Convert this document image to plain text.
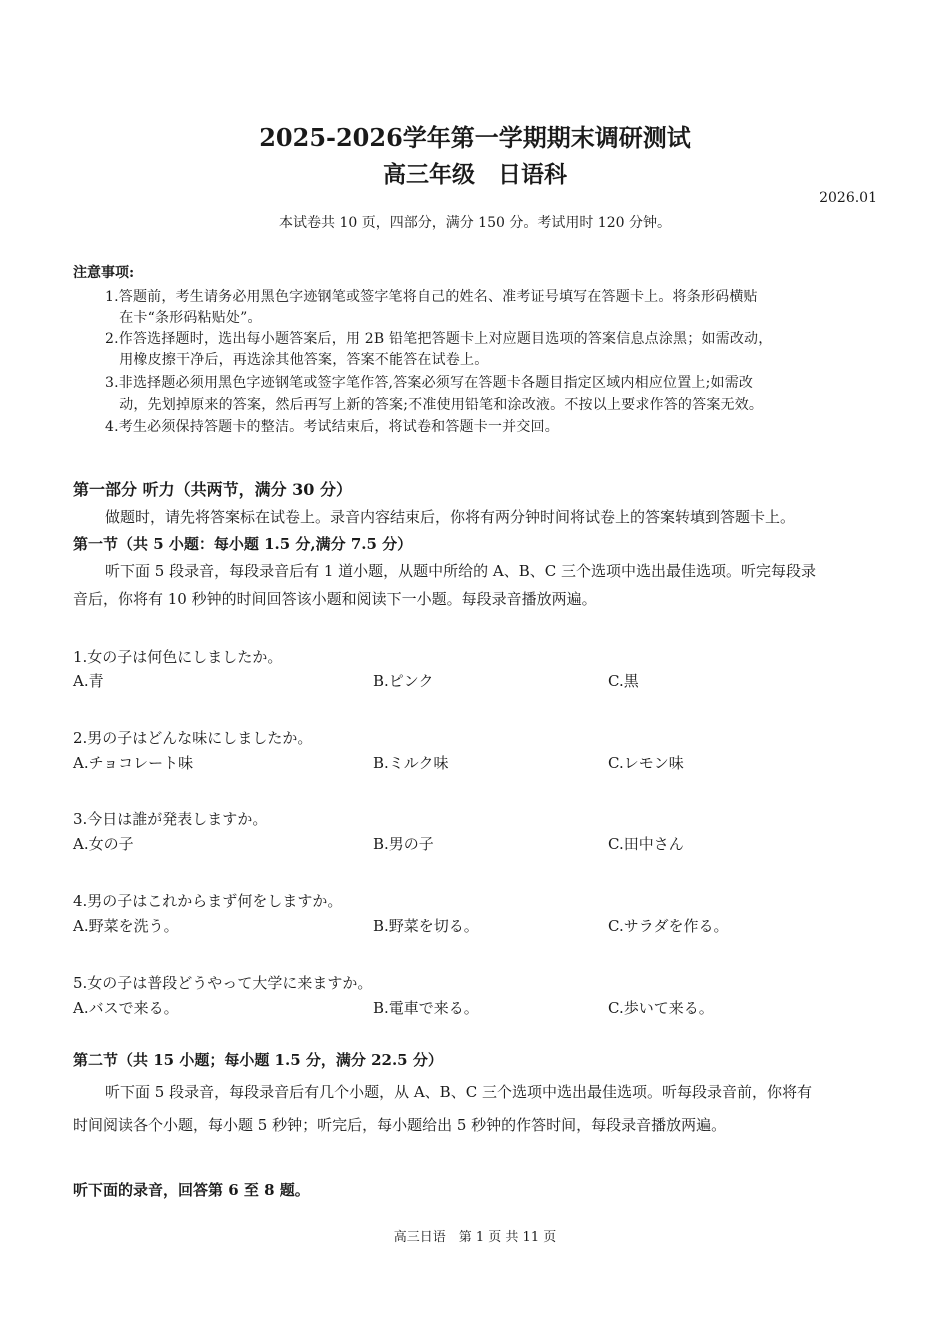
2025-2026学年第一学期期末调研测试
高三年级　日语科
2026.01
本试卷共 10 页，四部分，满分 150 分。考试用时 120 分钟。
注意事项:
1.答题前，考生请务必用黑色字迹钢笔或签字笔将自己的姓名、准考证号填写在答题卡上。将条形码横贴
　在卡“条形码粘贴处”。
2.作答选择题时，选出每小题答案后，用 2B 铅笔把答题卡上对应题目选项的答案信息点涂黑；如需改动，
　用橡皮擦干净后，再选涂其他答案，答案不能答在试卷上。
3.非选择题必须用黑色字迹钢笔或签字笔作答,答案必须写在答题卡各题目指定区域内相应位置上;如需改
　动，先划掉原来的答案，然后再写上新的答案;不准使用铅笔和涂改液。不按以上要求作答的答案无效。
4.考生必须保持答题卡的整洁。考试结束后，将试卷和答题卡一并交回。
第一部分 听力（共两节，满分 30 分）
做题时，请先将答案标在试卷上。录音内容结束后，你将有两分钟时间将试卷上的答案转填到答题卡上。
第一节（共 5 小题：每小题 1.5 分,满分 7.5 分）
听下面 5 段录音，每段录音后有 1 道小题，从题中所给的 A、B、C 三个选项中选出最佳选项。听完每段录
音后，你将有 10 秒钟的时间回答该小题和阅读下一小题。每段录音播放两遍。
1.女の子は何色にしましたか。
A.青	B.ピンク	C.黒
2.男の子はどんな味にしましたか。
A.チョコレート味	B.ミルク味	C.レモン味
3.今日は誰が発表しますか。
A.女の子	B.男の子	C.田中さん
4.男の子はこれからまず何をしますか。
A.野菜を洗う。	B.野菜を切る。	C.サラダを作る。
5.女の子は普段どうやって大学に来ますか。
A.バスで来る。	B.電車で来る。	C.歩いて来る。
第二节（共 15 小题；每小题 1.5 分，满分 22.5 分）
听下面 5 段录音，每段录音后有几个小题，从 A、B、C 三个选项中选出最佳选项。听每段录音前，你将有
时间阅读各个小题，每小题 5 秒钟；听完后，每小题给出 5 秒钟的作答时间，每段录音播放两遍。
听下面的录音，回答第 6 至 8 题。
高三日语　第 1 页 共 11 页
